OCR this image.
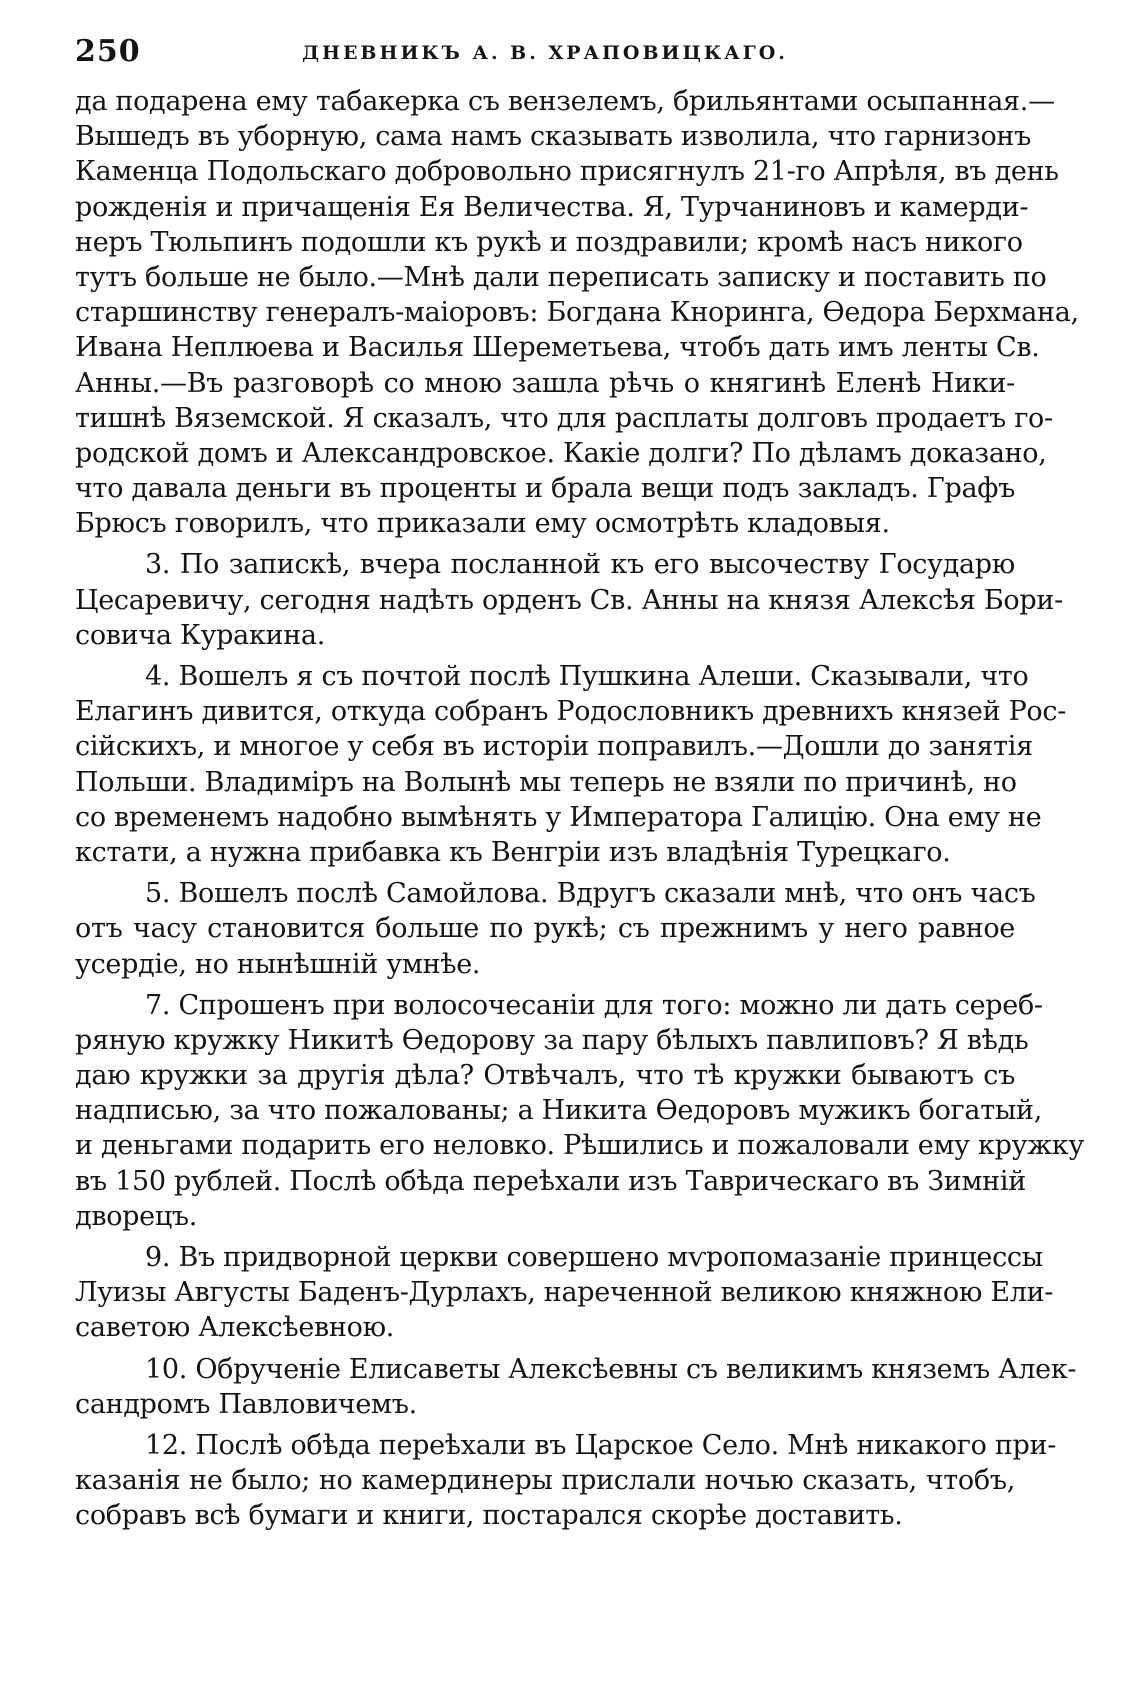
250	ДНЕВНИКЪ А. В. ХРАПОВИЦКАГО.
да подарена ему табакерка съ вензелемъ, брильянтами осыпанная.—
Вышедъ въ уборную, сама намъ сказывать изволила, что гарнизонъ
Каменца Подольскаго добровольно присягнулъ 21-го Апрѣля, въ день
рожденія и причащенія Ея Величества. Я, Турчаниновъ и камерди-
неръ Тюльпинъ подошли къ рукѣ и поздравили; кромѣ насъ никого
тутъ больше не было.—Мнѣ дали переписать записку и поставить по
старшинству генералъ-маіоровъ: Богдана Кноринга, Ѳедора Берхмана,
Ивана Неплюева и Василья Шереметьева, чтобъ дать имъ ленты Св.
Анны.—Въ разговорѣ со мною зашла рѣчь о княгинѣ Еленѣ Ники-
тишнѣ Вяземской. Я сказалъ, что для расплаты долговъ продаетъ го-
родской домъ и Александровское. Какіе долги? По дѣламъ доказано,
что давала деньги въ проценты и брала вещи подъ закладъ. Графъ
Брюсъ говорилъ, что приказали ему осмотрѣть кладовыя.
3. По запискѣ, вчера посланной къ его высочеству Государю
Цесаревичу, сегодня надѣть орденъ Св. Анны на князя Алексѣя Бори-
совича Куракина.
4. Вошелъ я съ почтой послѣ Пушкина Алеши. Сказывали, что
Елагинъ дивится, откуда собранъ Родословникъ древнихъ князей Рос-
сійскихъ, и многое у себя въ исторіи поправилъ.—Дошли до занятія
Польши. Владиміръ на Волынѣ мы теперь не взяли по причинѣ, но
со временемъ надобно вымѣнять у Императора Галицію. Она ему не
кстати, а нужна прибавка къ Венгріи изъ владѣнія Турецкаго.
5. Вошелъ послѣ Самойлова. Вдругъ сказали мнѣ, что онъ часъ
отъ часу становится больше по рукѣ; съ прежнимъ у него равное
усердіе, но нынѣшній умнѣе.
7. Спрошенъ при волосочесаніи для того: можно ли дать сереб-
ряную кружку Никитѣ Ѳедорову за пару бѣлыхъ павлиповъ? Я вѣдь
даю кружки за другія дѣла? Отвѣчалъ, что тѣ кружки бываютъ съ
надписью, за что пожалованы; а Никита Ѳедоровъ мужикъ богатый,
и деньгами подарить его неловко. Рѣшились и пожаловали ему кружку
въ 150 рублей. Послѣ обѣда переѣхали изъ Таврическаго въ Зимній
дворецъ.
9. Въ придворной церкви совершено мѵропомазаніе принцессы
Луизы Августы Баденъ-Дурлахъ, нареченной великою княжною Ели-
саветою Алексѣевною.
10. Обрученіе Елисаветы Алексѣевны съ великимъ княземъ Алек-
сандромъ Павловичемъ.
12. Послѣ обѣда переѣхали въ Царское Село. Мнѣ никакого при-
казанія не было; но камердинеры прислали ночью сказать, чтобъ,
собравъ всѣ бумаги и книги, постарался скорѣе доставить.
